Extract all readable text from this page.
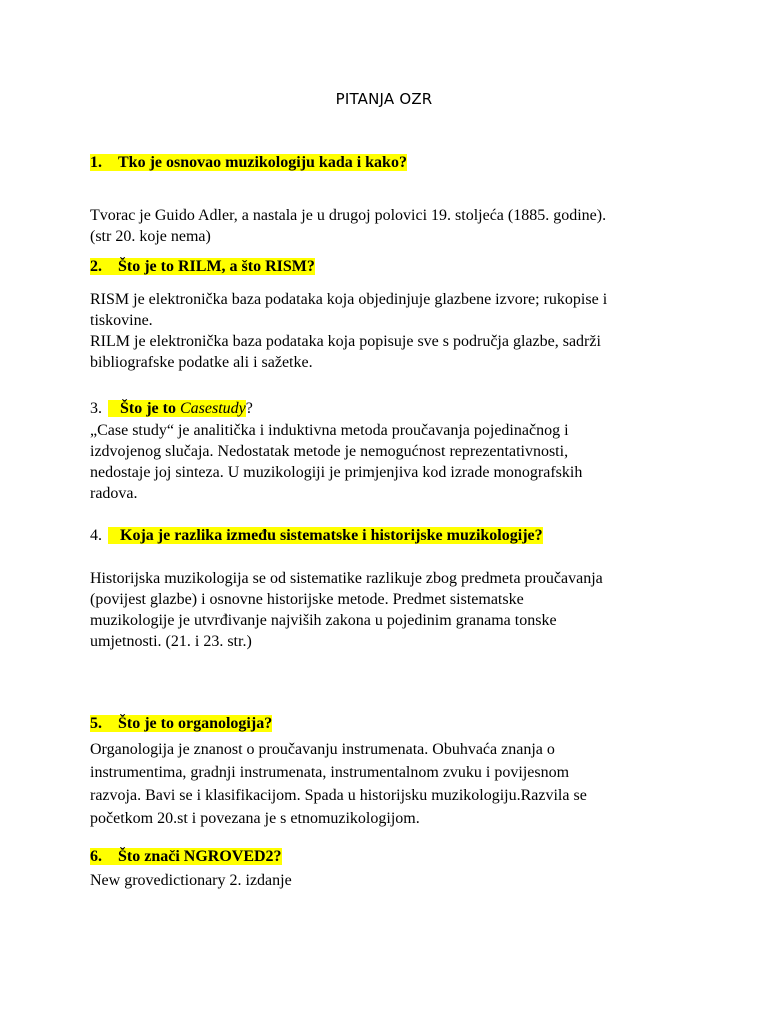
PITANJA OZR
1. Tko je osnovao muzikologiju kada i kako?
Tvorac je Guido Adler, a nastala je u drugoj polovici 19. stoljeća (1885. godine).
(str 20. koje nema)
2. Što je to RILM, a što RISM?
RISM je elektronička baza podataka koja objedinjuje glazbene izvore; rukopise i
tiskovine.
RILM je elektronička baza podataka koja popisuje sve s područja glazbe, sadrži
bibliografske podatke ali i sažetke.
3. Što je to Casestudy?
„Case study“ je analitička i induktivna metoda proučavanja pojedinačnog i
izdvojenog slučaja. Nedostatak metode je nemogućnost reprezentativnosti,
nedostaje joj sinteza. U muzikologiji je primjenjiva kod izrade monografskih
radova.
4. Koja je razlika između sistematske i historijske muzikologije?
Historijska muzikologija se od sistematike razlikuje zbog predmeta proučavanja
(povijest glazbe) i osnovne historijske metode. Predmet sistematske
muzikologije je utvrđivanje najviših zakona u pojedinim granama tonske
umjetnosti. (21. i 23. str.)
5. Što je to organologija?
Organologija je znanost o proučavanju instrumenata. Obuhvaća znanja o
instrumentima, gradnji instrumenata, instrumentalnom zvuku i povijesnom
razvoja. Bavi se i klasifikacijom. Spada u historijsku muzikologiju.Razvila se
početkom 20.st i povezana je s etnomuzikologijom.
6. Što znači NGROVED2?
New grovedictionary 2. izdanje
